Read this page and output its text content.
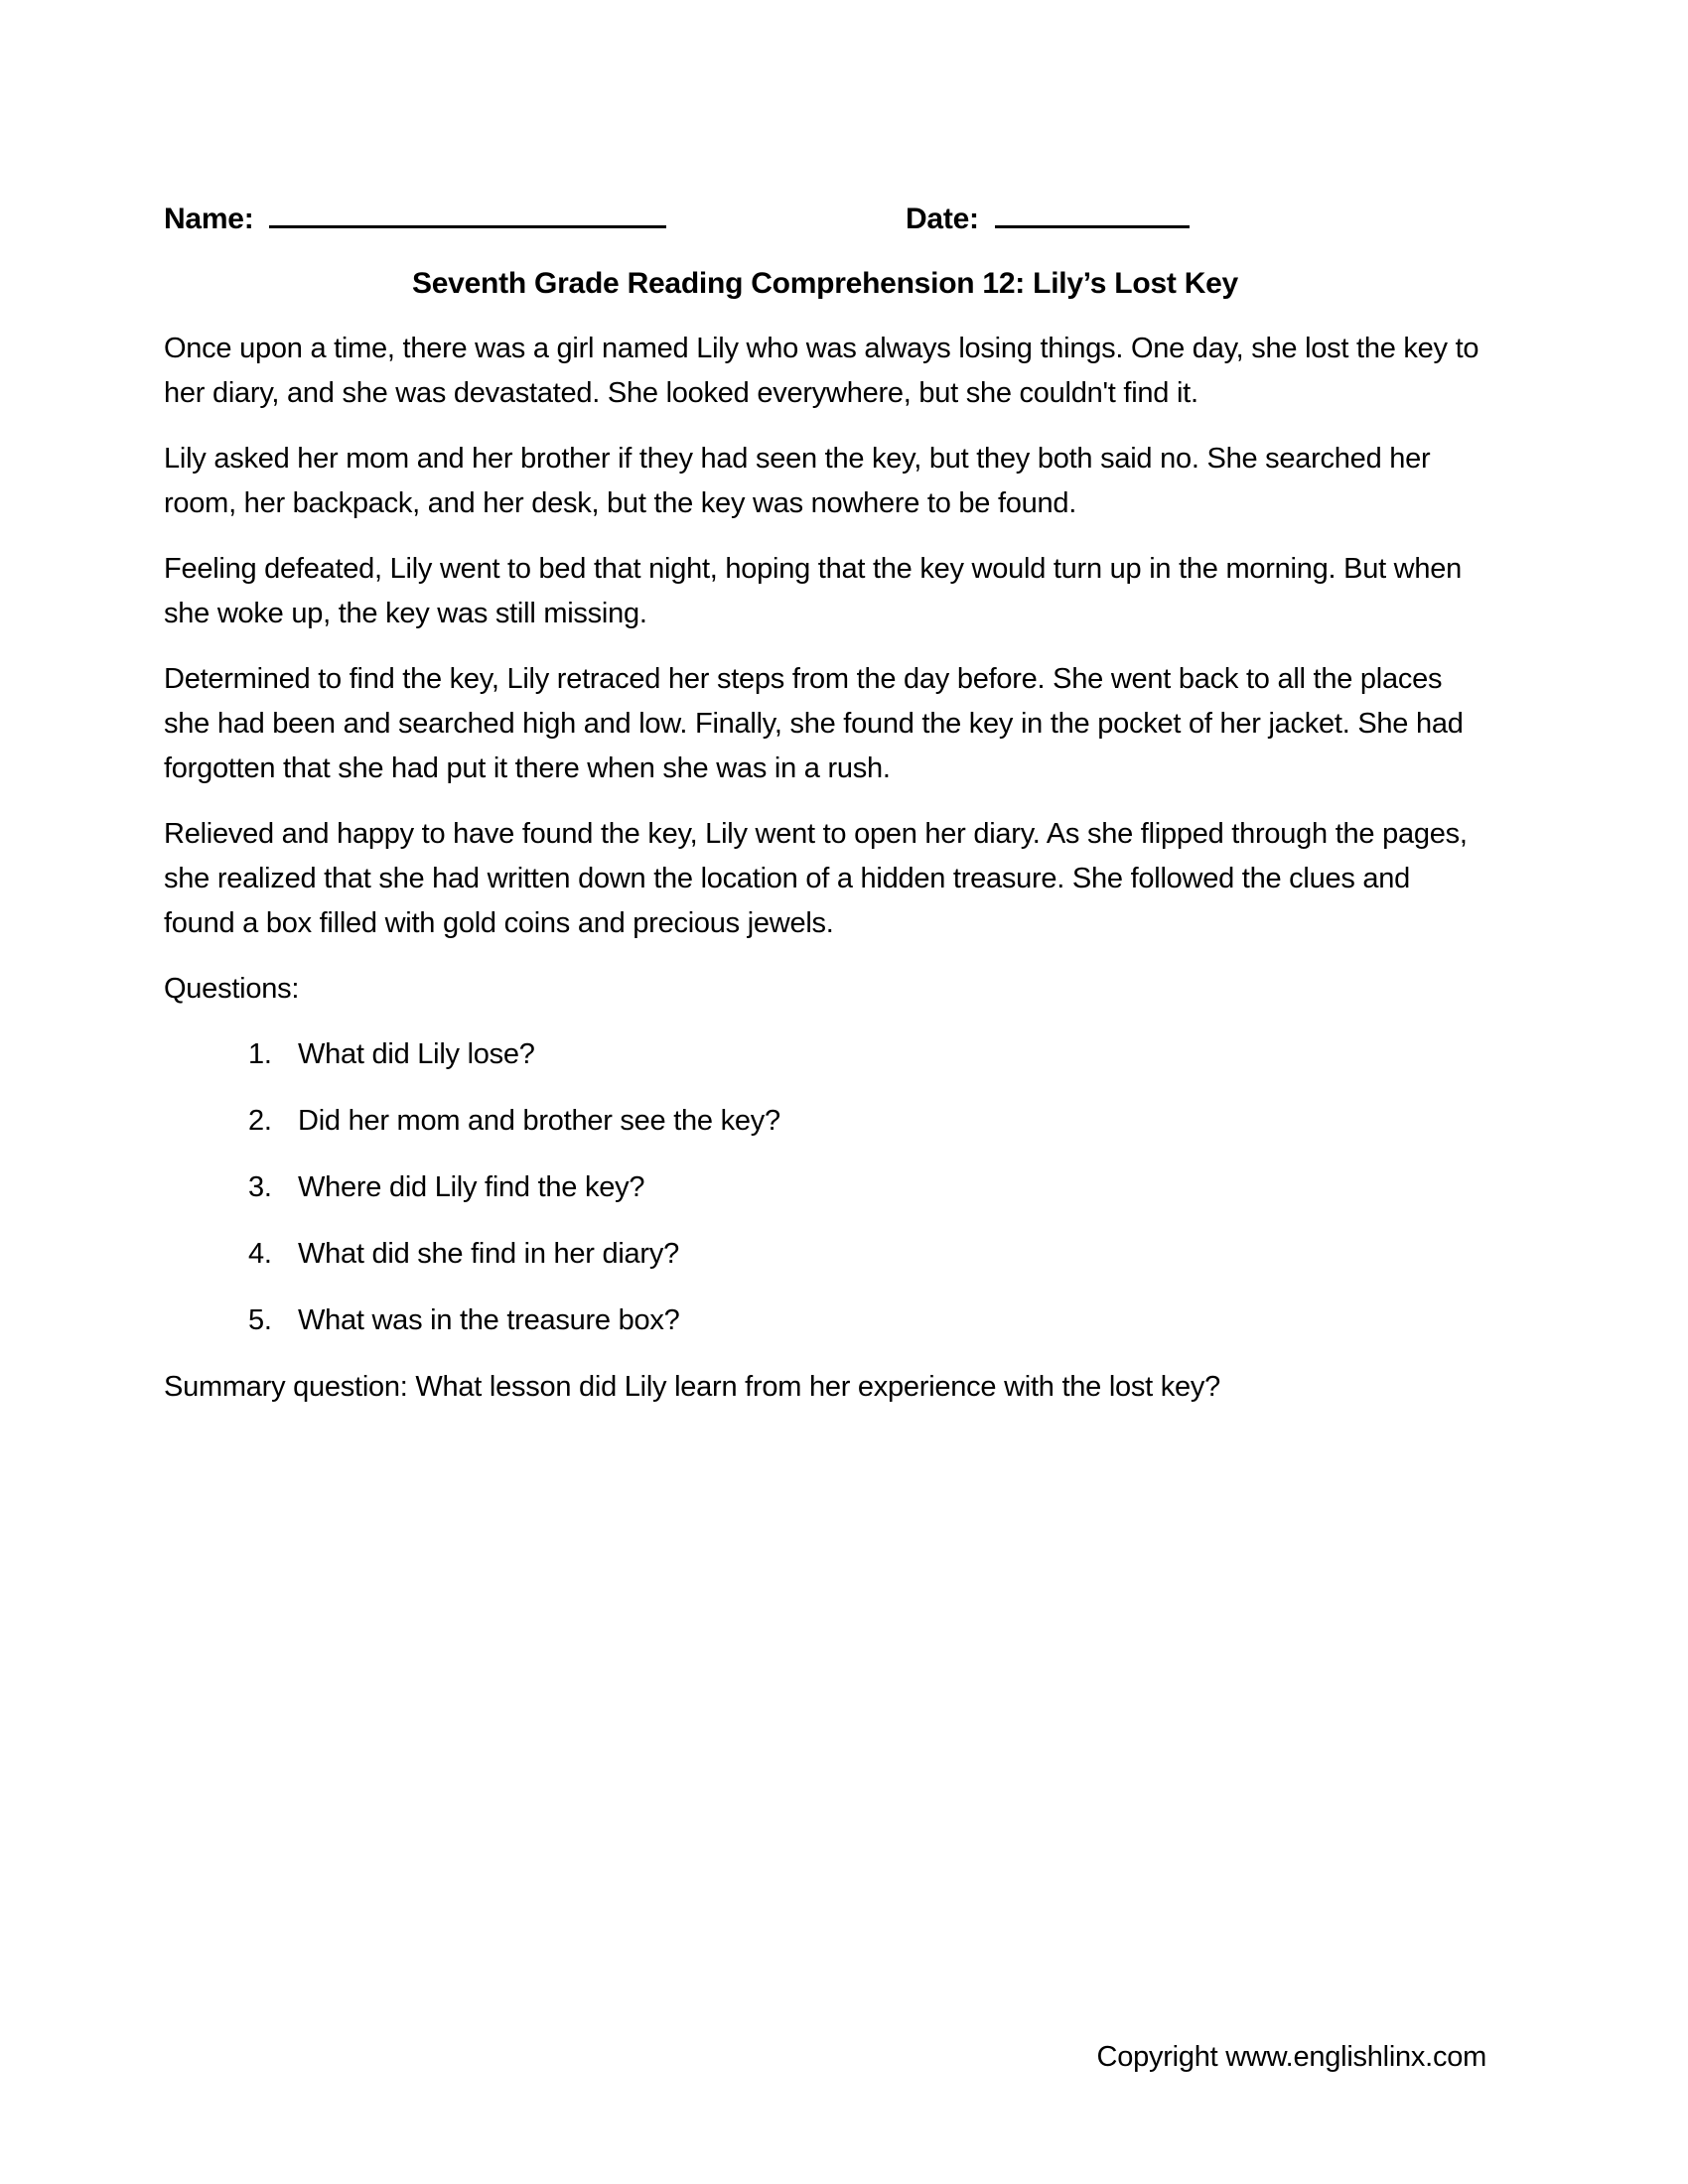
Name:	Date:
Seventh Grade Reading Comprehension 12: Lily’s Lost Key

Once upon a time, there was a girl named Lily who was always losing things. One day, she lost the key to her diary, and she was devastated. She looked everywhere, but she couldn't find it.

Lily asked her mom and her brother if they had seen the key, but they both said no. She searched her room, her backpack, and her desk, but the key was nowhere to be found.

Feeling defeated, Lily went to bed that night, hoping that the key would turn up in the morning. But when she woke up, the key was still missing.

Determined to find the key, Lily retraced her steps from the day before. She went back to all the places she had been and searched high and low. Finally, she found the key in the pocket of her jacket. She had forgotten that she had put it there when she was in a rush.

Relieved and happy to have found the key, Lily went to open her diary. As she flipped through the pages, she realized that she had written down the location of a hidden treasure. She followed the clues and found a box filled with gold coins and precious jewels.

Questions:
1. What did Lily lose?
2. Did her mom and brother see the key?
3. Where did Lily find the key?
4. What did she find in her diary?
5. What was in the treasure box?

Summary question: What lesson did Lily learn from her experience with the lost key?

Copyright www.englishlinx.com
